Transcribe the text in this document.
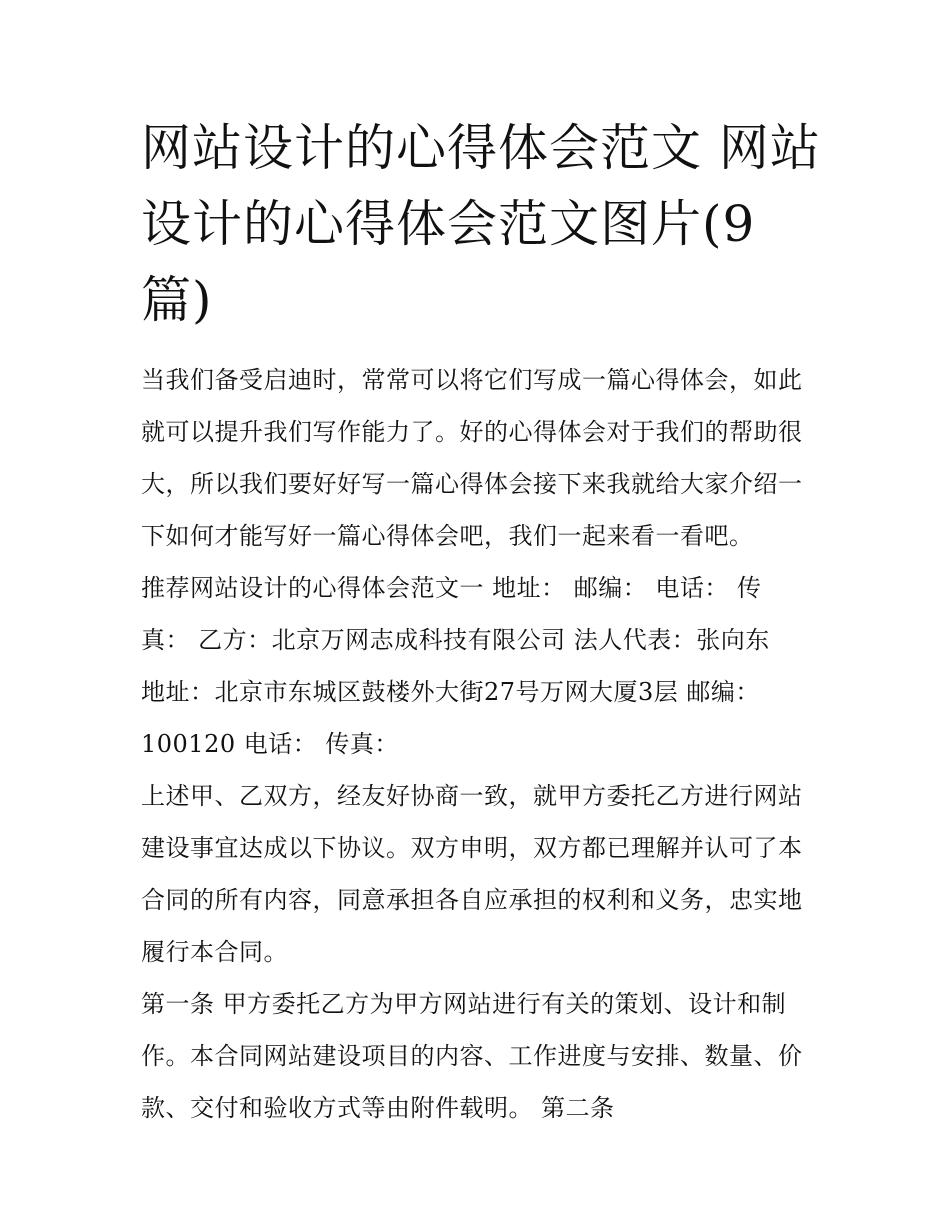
网站设计的心得体会范文 网站
设计的心得体会范文图片(9
篇)

当我们备受启迪时，常常可以将它们写成一篇心得体会，如此
就可以提升我们写作能力了。好的心得体会对于我们的帮助很
大，所以我们要好好写一篇心得体会接下来我就给大家介绍一
下如何才能写好一篇心得体会吧，我们一起来看一看吧。

推荐网站设计的心得体会范文一 地址： 邮编： 电话： 传
真： 乙方：北京万网志成科技有限公司 法人代表：张向东
地址：北京市东城区鼓楼外大街27号万网大厦3层 邮编：
100120 电话： 传真：

上述甲、乙双方，经友好协商一致，就甲方委托乙方进行网站
建设事宜达成以下协议。双方申明，双方都已理解并认可了本
合同的所有内容，同意承担各自应承担的权利和义务，忠实地
履行本合同。

第一条 甲方委托乙方为甲方网站进行有关的策划、设计和制
作。本合同网站建设项目的内容、工作进度与安排、数量、价
款、交付和验收方式等由附件载明。 第二条
